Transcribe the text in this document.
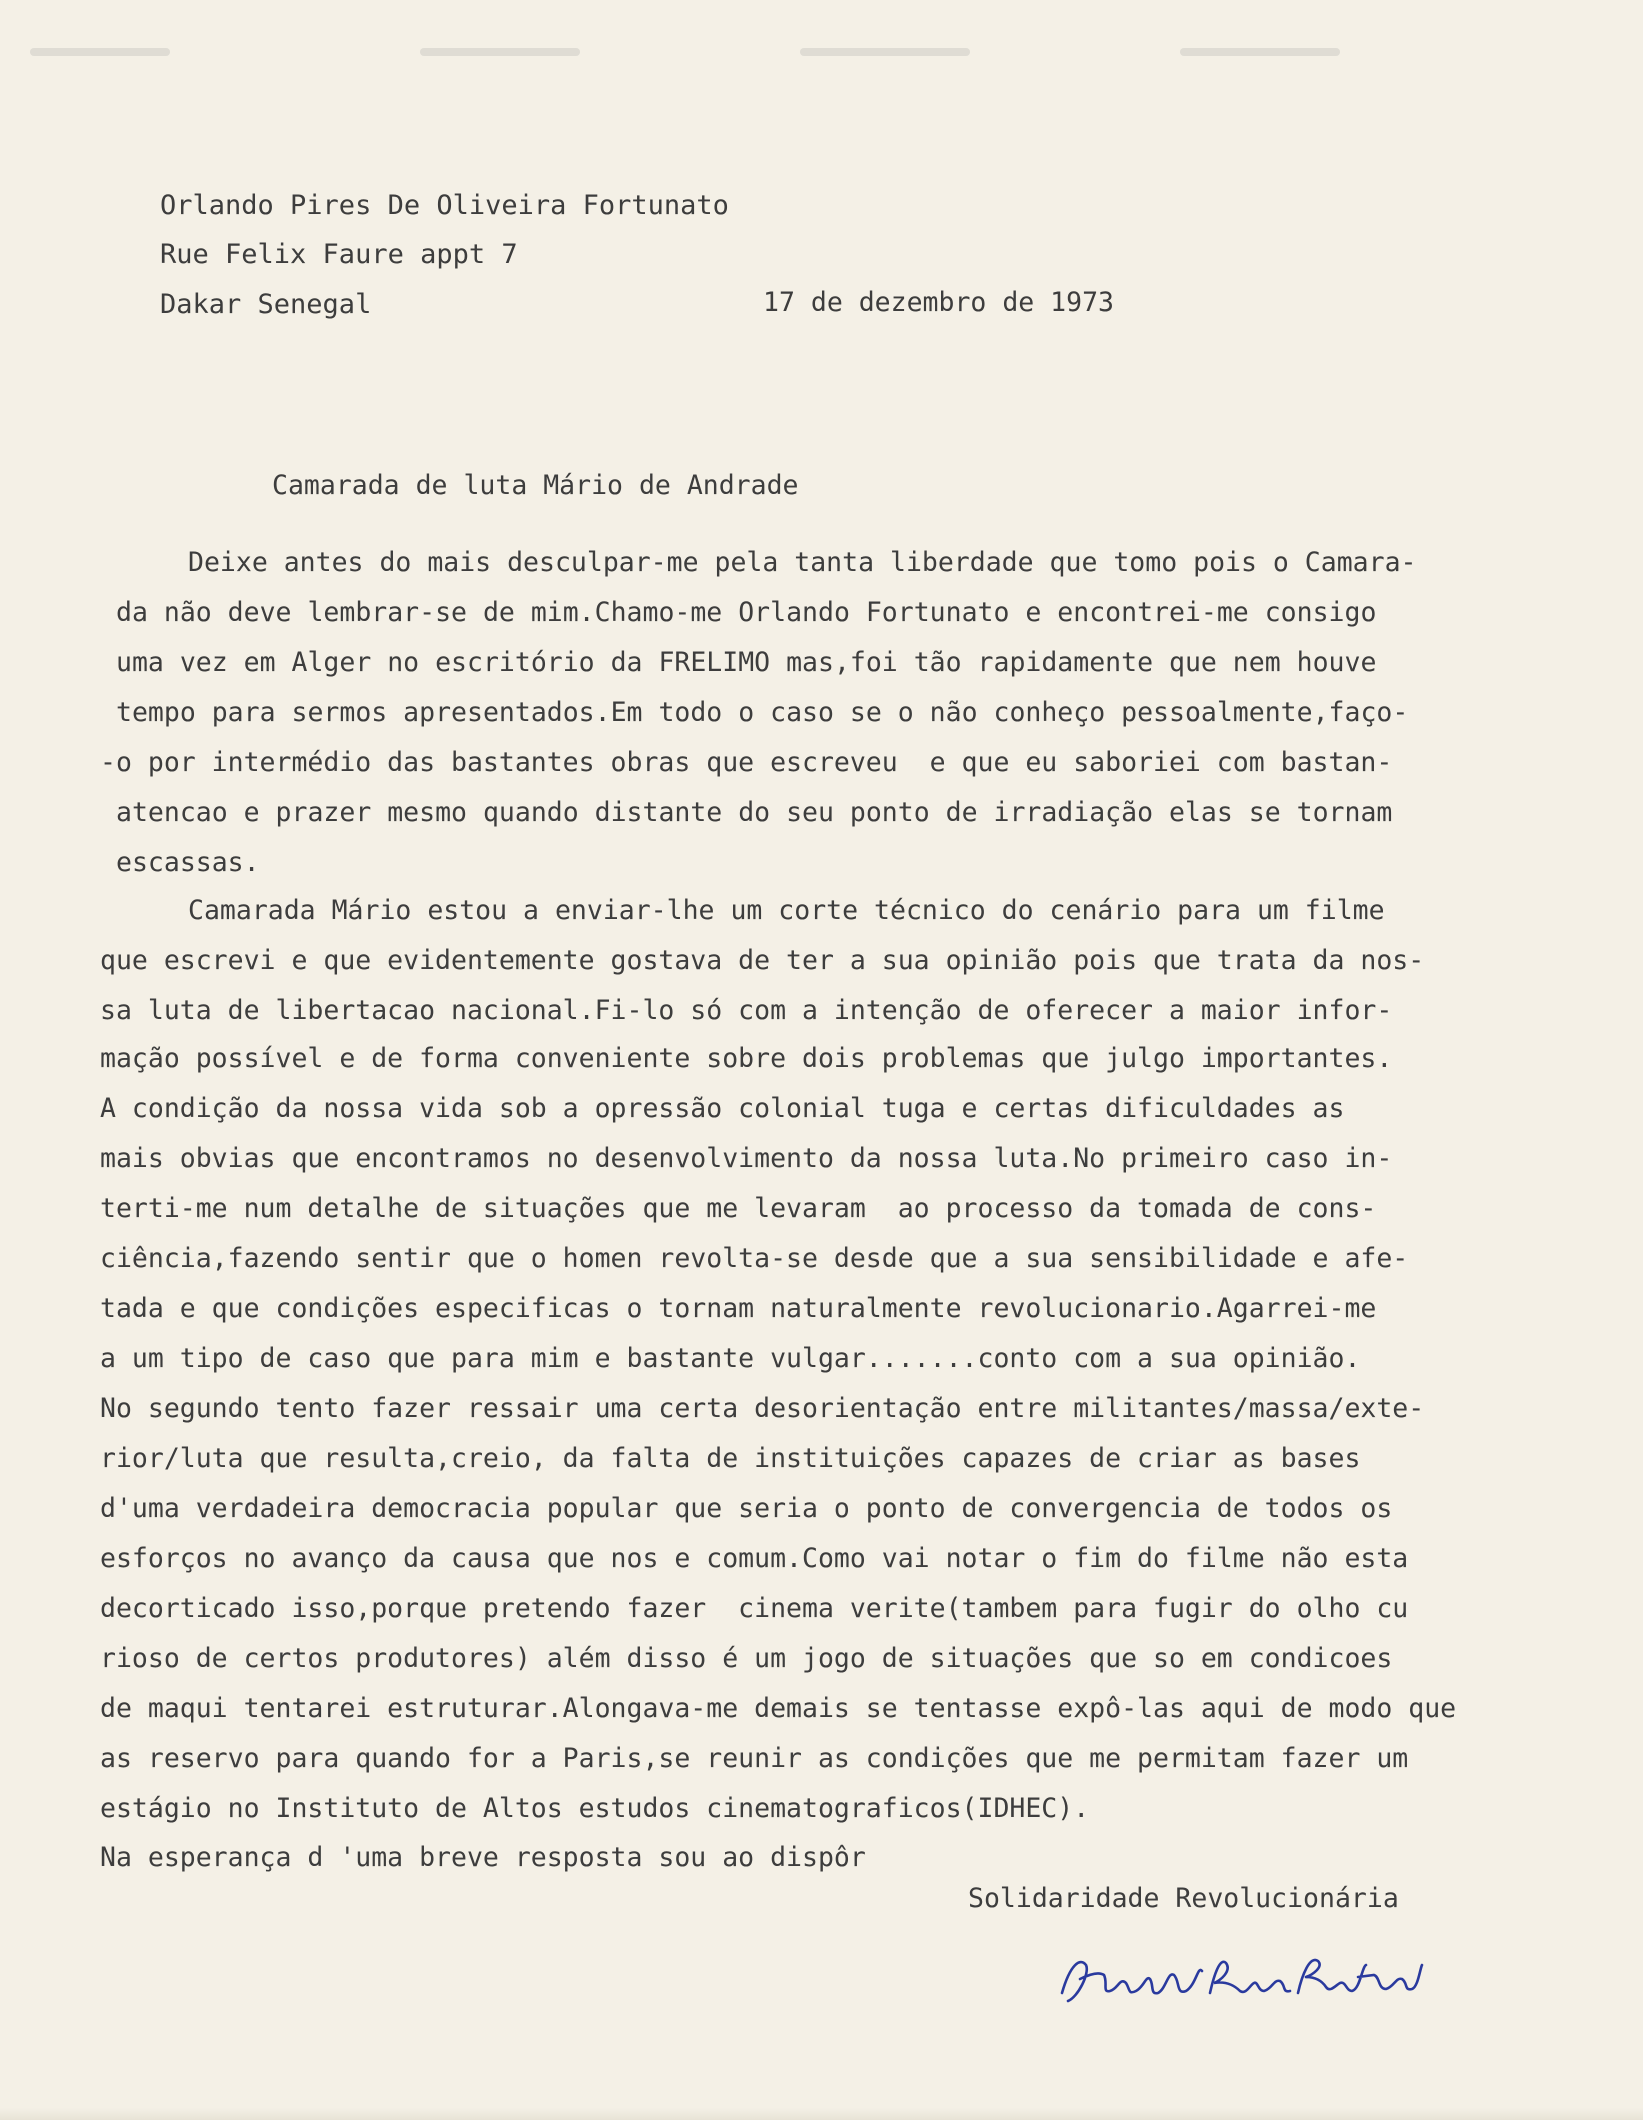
Orlando Pires De Oliveira Fortunato
Rue Felix Faure appt 7
Dakar Senegal	17 de dezembro de 1973
Camarada de luta Mário de Andrade
Deixe antes do mais desculpar-me pela tanta liberdade que tomo pois o Camara-
da não deve lembrar-se de mim.Chamo-me Orlando Fortunato e encontrei-me consigo
uma vez em Alger no escritório da FRELIMO mas,foi tão rapidamente que nem houve
tempo para sermos apresentados.Em todo o caso se o não conheço pessoalmente,faço-
-o por intermédio das bastantes obras que escreveu  e que eu saboriei com bastan-
atencao e prazer mesmo quando distante do seu ponto de irradiação elas se tornam
escassas.
Camarada Mário estou a enviar-lhe um corte técnico do cenário para um filme
que escrevi e que evidentemente gostava de ter a sua opinião pois que trata da nos-
sa luta de libertacao nacional.Fi-lo só com a intenção de oferecer a maior infor-
mação possível e de forma conveniente sobre dois problemas que julgo importantes.
A condição da nossa vida sob a opressão colonial tuga e certas dificuldades as
mais obvias que encontramos no desenvolvimento da nossa luta.No primeiro caso in-
terti-me num detalhe de situações que me levaram  ao processo da tomada de cons-
ciência,fazendo sentir que o homen revolta-se desde que a sua sensibilidade e afe-
tada e que condições especificas o tornam naturalmente revolucionario.Agarrei-me
a um tipo de caso que para mim e bastante vulgar.......conto com a sua opinião.
No segundo tento fazer ressair uma certa desorientação entre militantes/massa/exte-
rior/luta que resulta,creio, da falta de instituições capazes de criar as bases
d'uma verdadeira democracia popular que seria o ponto de convergencia de todos os
esforços no avanço da causa que nos e comum.Como vai notar o fim do filme não esta
decorticado isso,porque pretendo fazer  cinema verite(tambem para fugir do olho cu
rioso de certos produtores) além disso é um jogo de situações que so em condicoes
de maqui tentarei estruturar.Alongava-me demais se tentasse expô-las aqui de modo que
as reservo para quando for a Paris,se reunir as condições que me permitam fazer um
estágio no Instituto de Altos estudos cinematograficos(IDHEC).
Na esperança d 'uma breve resposta sou ao dispôr
Solidaridade Revolucionária
